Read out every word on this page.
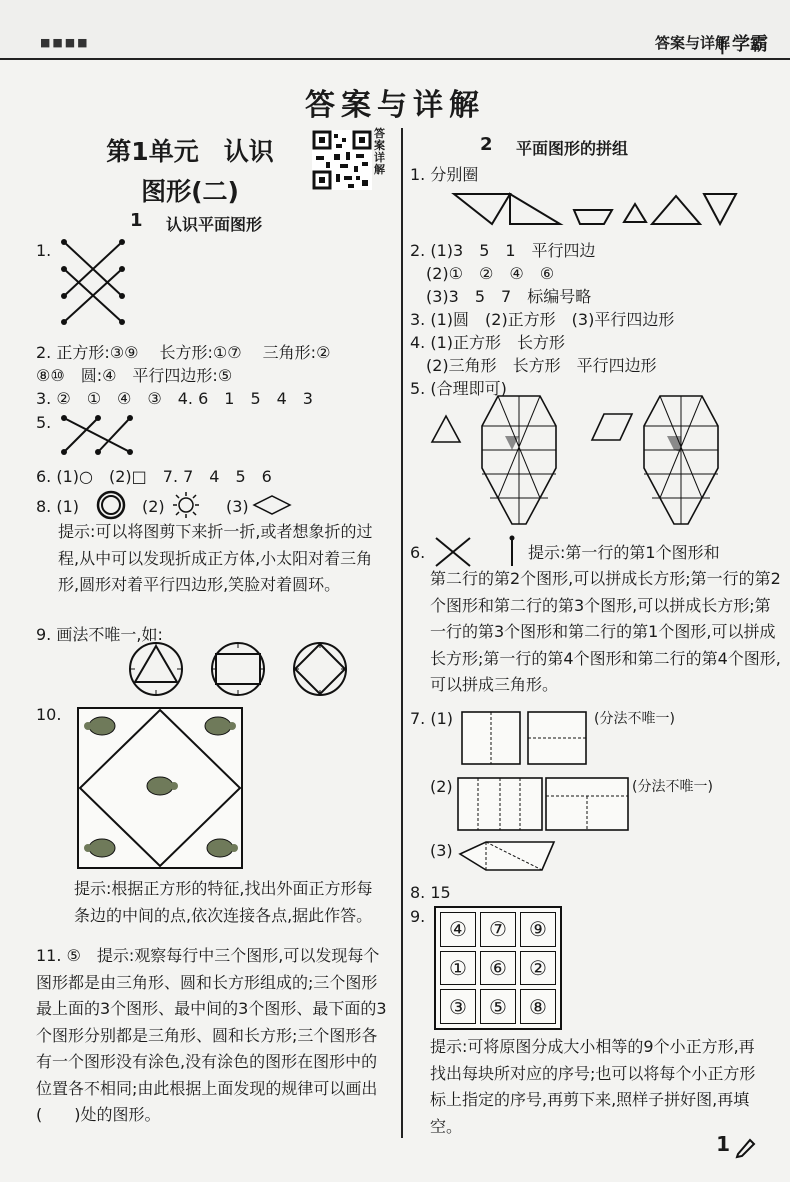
■■■■	答案与详解
| 学霸
答案与详解
第1单元　认识
图形(二)
答案详解
1 认识平面图形
1.
2. 正方形:③⑨　 长方形:①⑦　 三角形:②
⑧⑩　圆:④　平行四边形:⑤
3. ②　①　④　③　4. 6　1　5　4　3
5.
6. (1)○　(2)□　7. 7　4　5　6
8. (1)	(2)	(3)
提示:可以将图剪下来折一折,或者想象折的过程,从中可以发现折成正方体,小太阳对着三角形,圆形对着平行四边形,笑脸对着圆环。
9. 画法不唯一,如:
10.
提示:根据正方形的特征,找出外面正方形每条边的中间的点,依次连接各点,据此作答。
11. ⑤　提示:观察每行中三个图形,可以发现每个图形都是由三角形、圆和长方形组成的;三个图形最上面的3个图形、最中间的3个图形、最下面的3个图形分别都是三角形、圆和长方形;三个图形各有一个图形没有涂色,没有涂色的图形在图形中的位置各不相同;由此根据上面发现的规律可以画出(　　)处的图形。
2 平面图形的拼组
1. 分别圈
2. (1)3　5　1　平行四边
　(2)①　②　④　⑥
　(3)3　5　7　标编号略
3. (1)圆　(2)正方形　(3)平行四边形
4. (1)正方形　长方形
　(2)三角形　长方形　平行四边形
5. (合理即可)
6.	提示:第一行的第1个图形和
第二行的第2个图形,可以拼成长方形;第一行的第2个图形和第二行的第3个图形,可以拼成长方形;第一行的第3个图形和第二行的第1个图形,可以拼成长方形;第一行的第4个图形和第二行的第4个图形,可以拼成三角形。
7. (1)	(分法不唯一)
(2)	(分法不唯一)
(3)
8. 15
9.
④	⑦	⑨
①	⑥	②
③	⑤	⑧
提示:可将原图分成大小相等的9个小正方形,再找出每块所对应的序号;也可以将每个小正方形标上指定的序号,再剪下来,照样子拼好图,再填空。
1
